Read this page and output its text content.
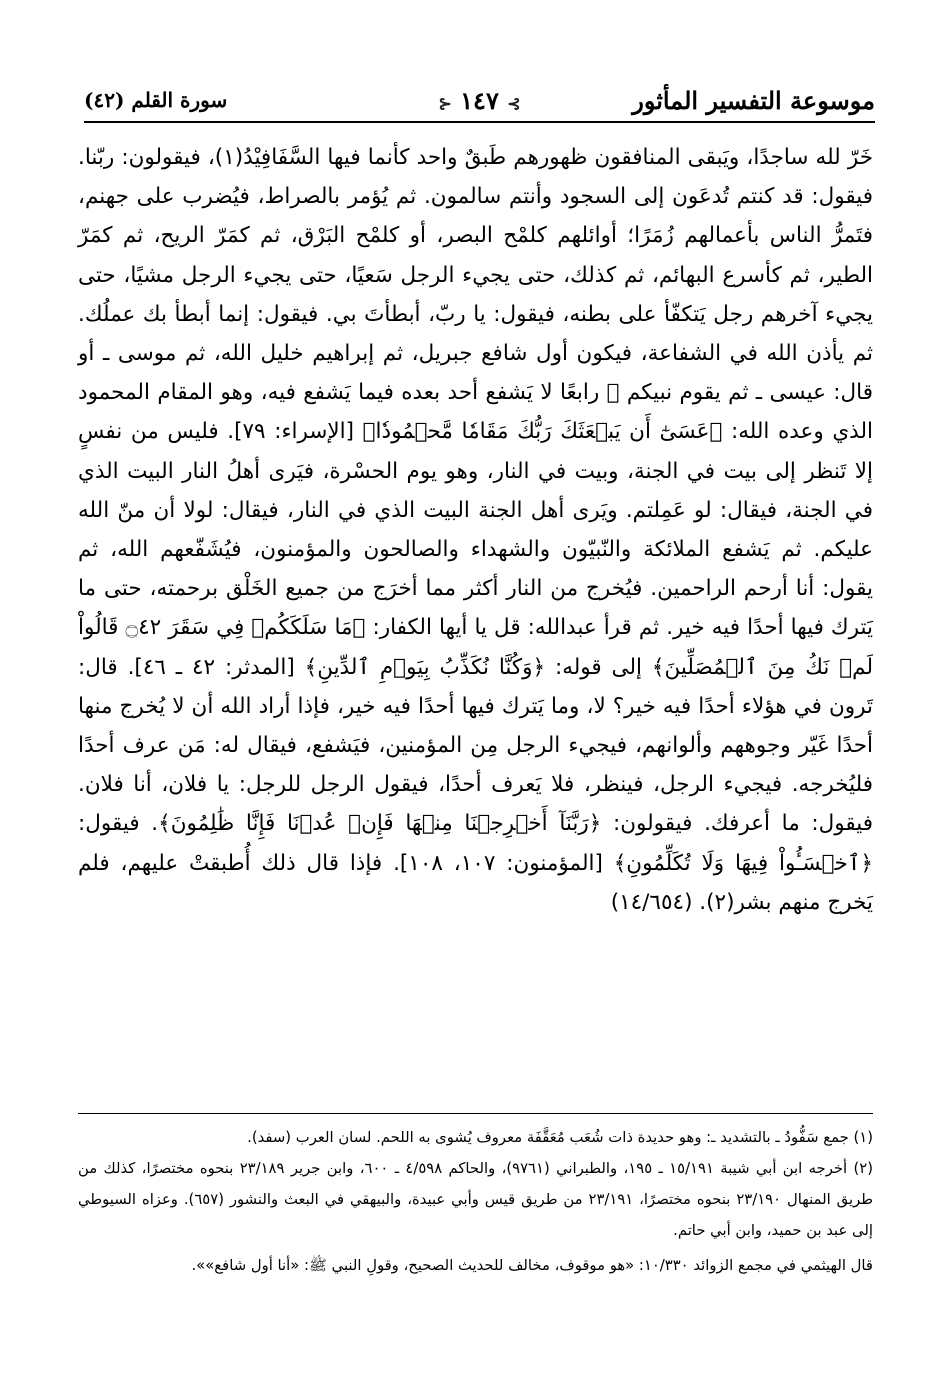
موسوعة التفسير المأثور
⊱ ١٤٧ ⊰
سورة القلم (٤٢)

خَرّ لله ساجدًا، ويَبقى المنافقون ظهورهم طَبقٌ واحد كأنما فيها السَّفَافِيْدُ(١)، فيقولون: ربّنا. فيقول: قد كنتم تُدعَون إلى السجود وأنتم سالمون. ثم يُؤمر بالصراط، فيُضرب على جهنم، فتَمرُّ الناس بأعمالهم زُمَرًا؛ أوائلهم كلمْح البصر، أو كلمْح البَرْق، ثم كمَرّ الريح، ثم كمَرّ الطير، ثم كأسرع البهائم، ثم كذلك، حتى يجيء الرجل سَعيًا، حتى يجيء الرجل مشيًا، حتى يجيء آخرهم رجل يَتكفّأ على بطنه، فيقول: يا ربّ، أبطأتَ بي. فيقول: إنما أبطأ بك عملُك. ثم يأذن الله في الشفاعة، فيكون أول شافع جبريل، ثم إبراهيم خليل الله، ثم موسى ـ أو قال: عيسى ـ ثم يقوم نبيكم ﷺ رابعًا لا يَشفع أحد بعده فيما يَشفع فيه، وهو المقام المحمود الذي وعده الله: ﴿عَسَىٰٓ أَن يَبۡعَثَكَ رَبُّكَ مَقَامٗا مَّحۡمُودٗا﴾ [الإسراء: ٧٩]. فليس من نفسٍ إلا تَنظر إلى بيت في الجنة، وبيت في النار، وهو يوم الحسْرة، فيَرى أهلُ النار البيت الذي في الجنة، فيقال: لو عَمِلتم. ويَرى أهل الجنة البيت الذي في النار، فيقال: لولا أن منّ الله عليكم. ثم يَشفع الملائكة والنّبيّون والشهداء والصالحون والمؤمنون، فيُشَفّعهم الله، ثم يقول: أنا أرحم الراحمين. فيُخرج من النار أكثر مما أخرَج من جميع الخَلْق برحمته، حتى ما يَترك فيها أحدًا فيه خير. ثم قرأ عبدالله: قل يا أيها الكفار: ﴿مَا سَلَكَكُمۡ فِي سَقَرَ ۝٤٢ قَالُواْ لَمۡ نَكُ مِنَ ٱلۡمُصَلِّينَ﴾ إلى قوله: ﴿وَكُنَّا نُكَذِّبُ بِيَوۡمِ ٱلدِّينِ﴾ [المدثر: ٤٢ ـ ٤٦]. قال: تَرون في هؤلاء أحدًا فيه خير؟ لا، وما يَترك فيها أحدًا فيه خير، فإذا أراد الله أن لا يُخرج منها أحدًا غَيّر وجوههم وألوانهم، فيجيء الرجل مِن المؤمنين، فيَشفع، فيقال له: مَن عرف أحدًا فليُخرجه. فيجيء الرجل، فينظر، فلا يَعرف أحدًا، فيقول الرجل للرجل: يا فلان، أنا فلان. فيقول: ما أعرفك. فيقولون: ﴿رَبَّنَآ أَخۡرِجۡنَا مِنۡهَا فَإِنۡ عُدۡنَا فَإِنَّا ظَٰلِمُونَ﴾. فيقول: ﴿ٱخۡسَـُٔواْ فِيهَا وَلَا تُكَلِّمُونِ﴾ [المؤمنون: ١٠٧، ١٠٨]. فإذا قال ذلك أُطبقتْ عليهم، فلم يَخرج منهم بشر(٢). (١٤/٦٥٤)

(١) جمع سَفُّودُ ـ بالتشديد ـ: وهو حديدة ذات شُعَب مُعَقَّفَة معروف يُشوى به اللحم. لسان العرب (سفد).

(٢) أخرجه ابن أبي شيبة ١٥/١٩١ ـ ١٩٥، والطبراني (٩٧٦١)، والحاكم ٤/٥٩٨ ـ ٦٠٠، وابن جرير ٢٣/١٨٩ بنحوه مختصرًا، كذلك من طريق المنهال ٢٣/١٩٠ بنحوه مختصرًا، ٢٣/١٩١ من طريق قيس وأبي عبيدة، والبيهقي في البعث والنشور (٦٥٧). وعزاه السيوطي إلى عبد بن حميد، وابن أبي حاتم.

قال الهيثمي في مجمع الزوائد ١٠/٣٣٠: «هو موقوف، مخالف للحديث الصحيح، وقولِ النبي ﷺ: «أنا أول شافع»».
